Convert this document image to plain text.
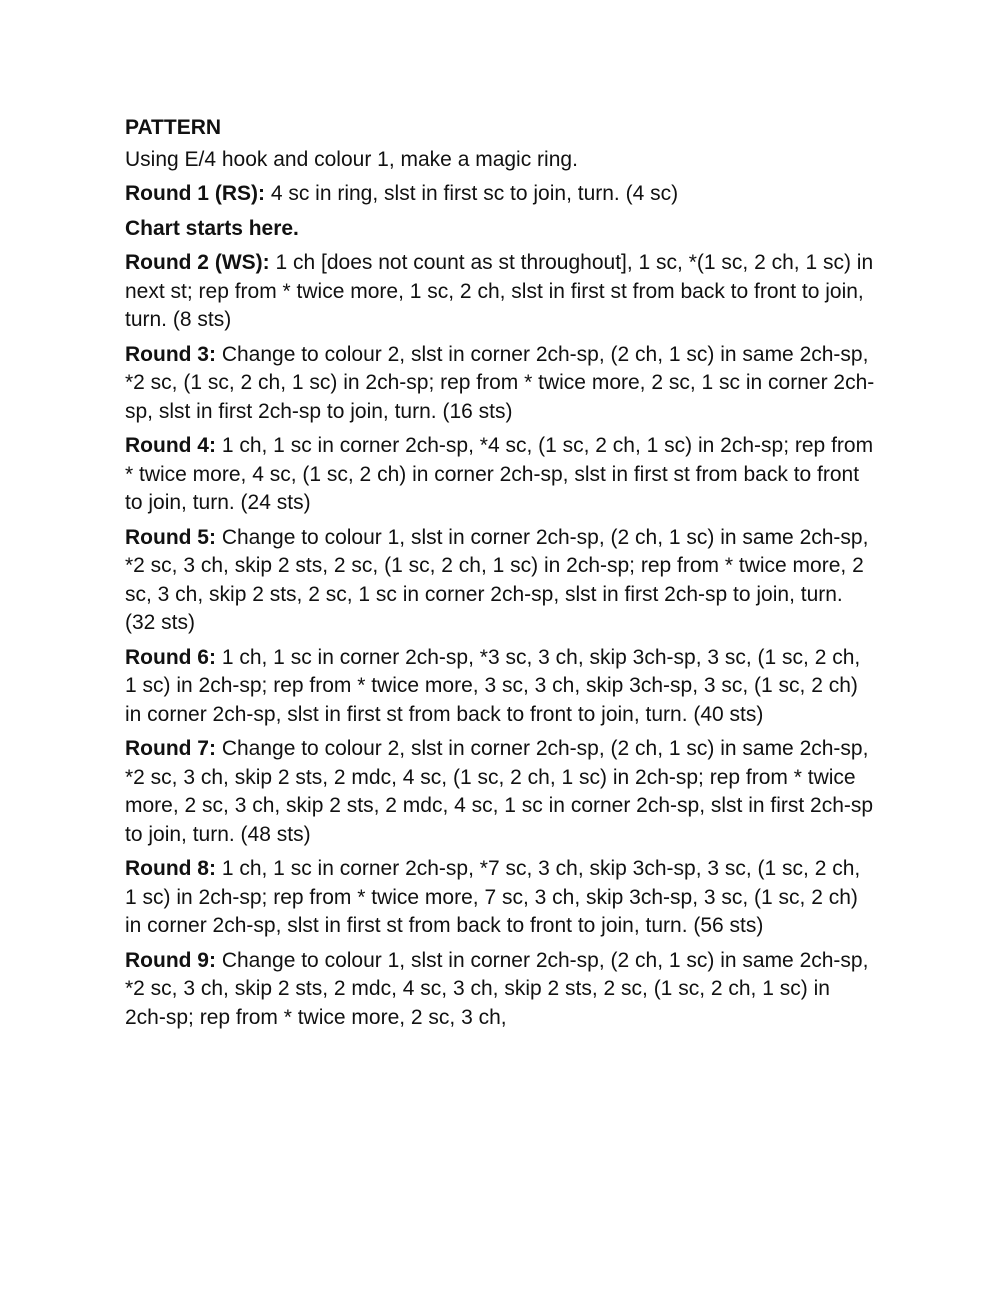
PATTERN

Using E/4 hook and colour 1, make a magic ring.

Round 1 (RS): 4 sc in ring, slst in first sc to join, turn. (4 sc)

Chart starts here.

Round 2 (WS): 1 ch [does not count as st throughout], 1 sc, *(1 sc, 2 ch, 1 sc) in next st; rep from * twice more, 1 sc, 2 ch, slst in first st from back to front to join, turn. (8 sts)

Round 3: Change to colour 2, slst in corner 2ch-sp, (2 ch, 1 sc) in same 2ch-sp, *2 sc, (1 sc, 2 ch, 1 sc) in 2ch-sp; rep from * twice more, 2 sc, 1 sc in corner 2ch-sp, slst in first 2ch-sp to join, turn. (16 sts)

Round 4: 1 ch, 1 sc in corner 2ch-sp, *4 sc, (1 sc, 2 ch, 1 sc) in 2ch-sp; rep from * twice more, 4 sc, (1 sc, 2 ch) in corner 2ch-sp, slst in first st from back to front to join, turn. (24 sts)

Round 5: Change to colour 1, slst in corner 2ch-sp, (2 ch, 1 sc) in same 2ch-sp, *2 sc, 3 ch, skip 2 sts, 2 sc, (1 sc, 2 ch, 1 sc) in 2ch-sp; rep from * twice more, 2 sc, 3 ch, skip 2 sts, 2 sc, 1 sc in corner 2ch-sp, slst in first 2ch-sp to join, turn. (32 sts)

Round 6: 1 ch, 1 sc in corner 2ch-sp, *3 sc, 3 ch, skip 3ch-sp, 3 sc, (1 sc, 2 ch, 1 sc) in 2ch-sp; rep from * twice more, 3 sc, 3 ch, skip 3ch-sp, 3 sc, (1 sc, 2 ch) in corner 2ch-sp, slst in first st from back to front to join, turn. (40 sts)

Round 7: Change to colour 2, slst in corner 2ch-sp, (2 ch, 1 sc) in same 2ch-sp, *2 sc, 3 ch, skip 2 sts, 2 mdc, 4 sc, (1 sc, 2 ch, 1 sc) in 2ch-sp; rep from * twice more, 2 sc, 3 ch, skip 2 sts, 2 mdc, 4 sc, 1 sc in corner 2ch-sp, slst in first 2ch-sp to join, turn. (48 sts)

Round 8: 1 ch, 1 sc in corner 2ch-sp, *7 sc, 3 ch, skip 3ch-sp, 3 sc, (1 sc, 2 ch, 1 sc) in 2ch-sp; rep from * twice more, 7 sc, 3 ch, skip 3ch-sp, 3 sc, (1 sc, 2 ch) in corner 2ch-sp, slst in first st from back to front to join, turn. (56 sts)

Round 9: Change to colour 1, slst in corner 2ch-sp, (2 ch, 1 sc) in same 2ch-sp, *2 sc, 3 ch, skip 2 sts, 2 mdc, 4 sc, 3 ch, skip 2 sts, 2 sc, (1 sc, 2 ch, 1 sc) in 2ch-sp; rep from * twice more, 2 sc, 3 ch,
